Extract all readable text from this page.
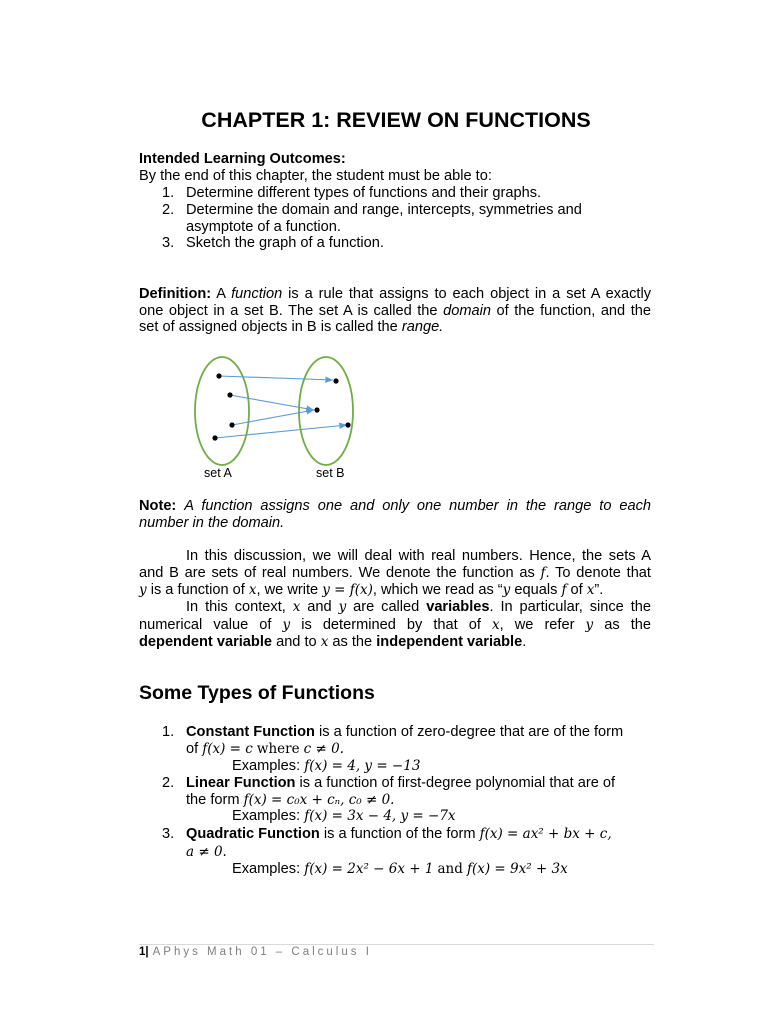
CHAPTER 1: REVIEW ON FUNCTIONS
Intended Learning Outcomes:
By the end of this chapter, the student must be able to:
1. Determine different types of functions and their graphs.
2. Determine the domain and range, intercepts, symmetries and
asymptote of a function.
3. Sketch the graph of a function.
Definition: A function is a rule that assigns to each object in a set A exactly
one object in a set B. The set A is called the domain of the function, and the
set of assigned objects in B is called the range.
set A	set B
Note: A function assigns one and only one number in the range to each
number in the domain.
In this discussion, we will deal with real numbers. Hence, the sets A
and B are sets of real numbers. We denote the function as f. To denote that
y is a function of x, we write y = f(x), which we read as “y equals f of x”.
In this context, x and y are called variables. In particular, since the
numerical value of y is determined by that of x, we refer y as the
dependent variable and to x as the independent variable.
Some Types of Functions
1. Constant Function is a function of zero-degree that are of the form
of f(x) = c where c ≠ 0.
Examples: f(x) = 4, y = −13
2. Linear Function is a function of first-degree polynomial that are of
the form f(x) = c₀x + cₙ, c₀ ≠ 0.
Examples: f(x) = 3x − 4, y = −7x
3. Quadratic Function is a function of the form f(x) = ax² + bx + c,
a ≠ 0.
Examples: f(x) = 2x² − 6x + 1 and f(x) = 9x² + 3x
1| APhys Math 01 – Calculus I
